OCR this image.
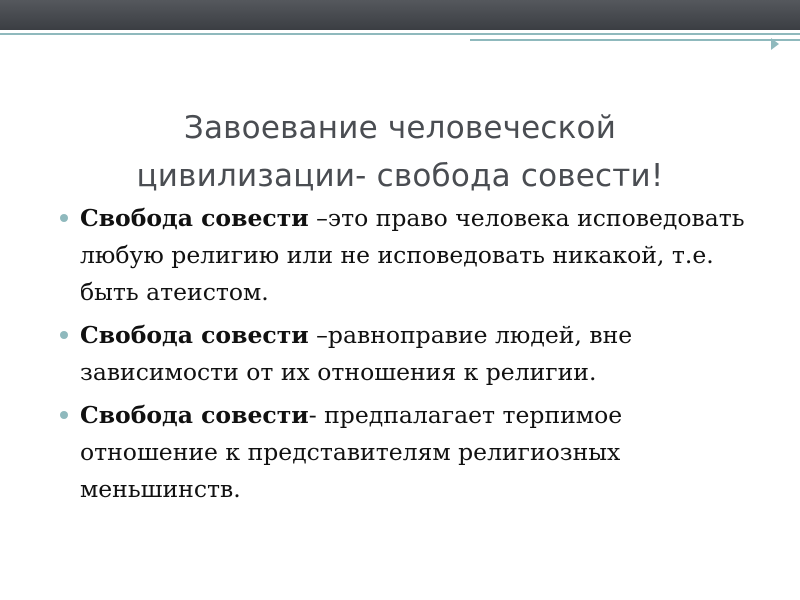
Завоевание человеческой
цивилизации- свобода совести!
Свобода совести –это право человека исповедовать любую религию или не исповедовать никакой, т.е. быть атеистом.
Свобода совести –равноправие людей, вне зависимости от их отношения к религии.
Свобода совести- предпалагает терпимое отношение к представителям религиозных меньшинств.
